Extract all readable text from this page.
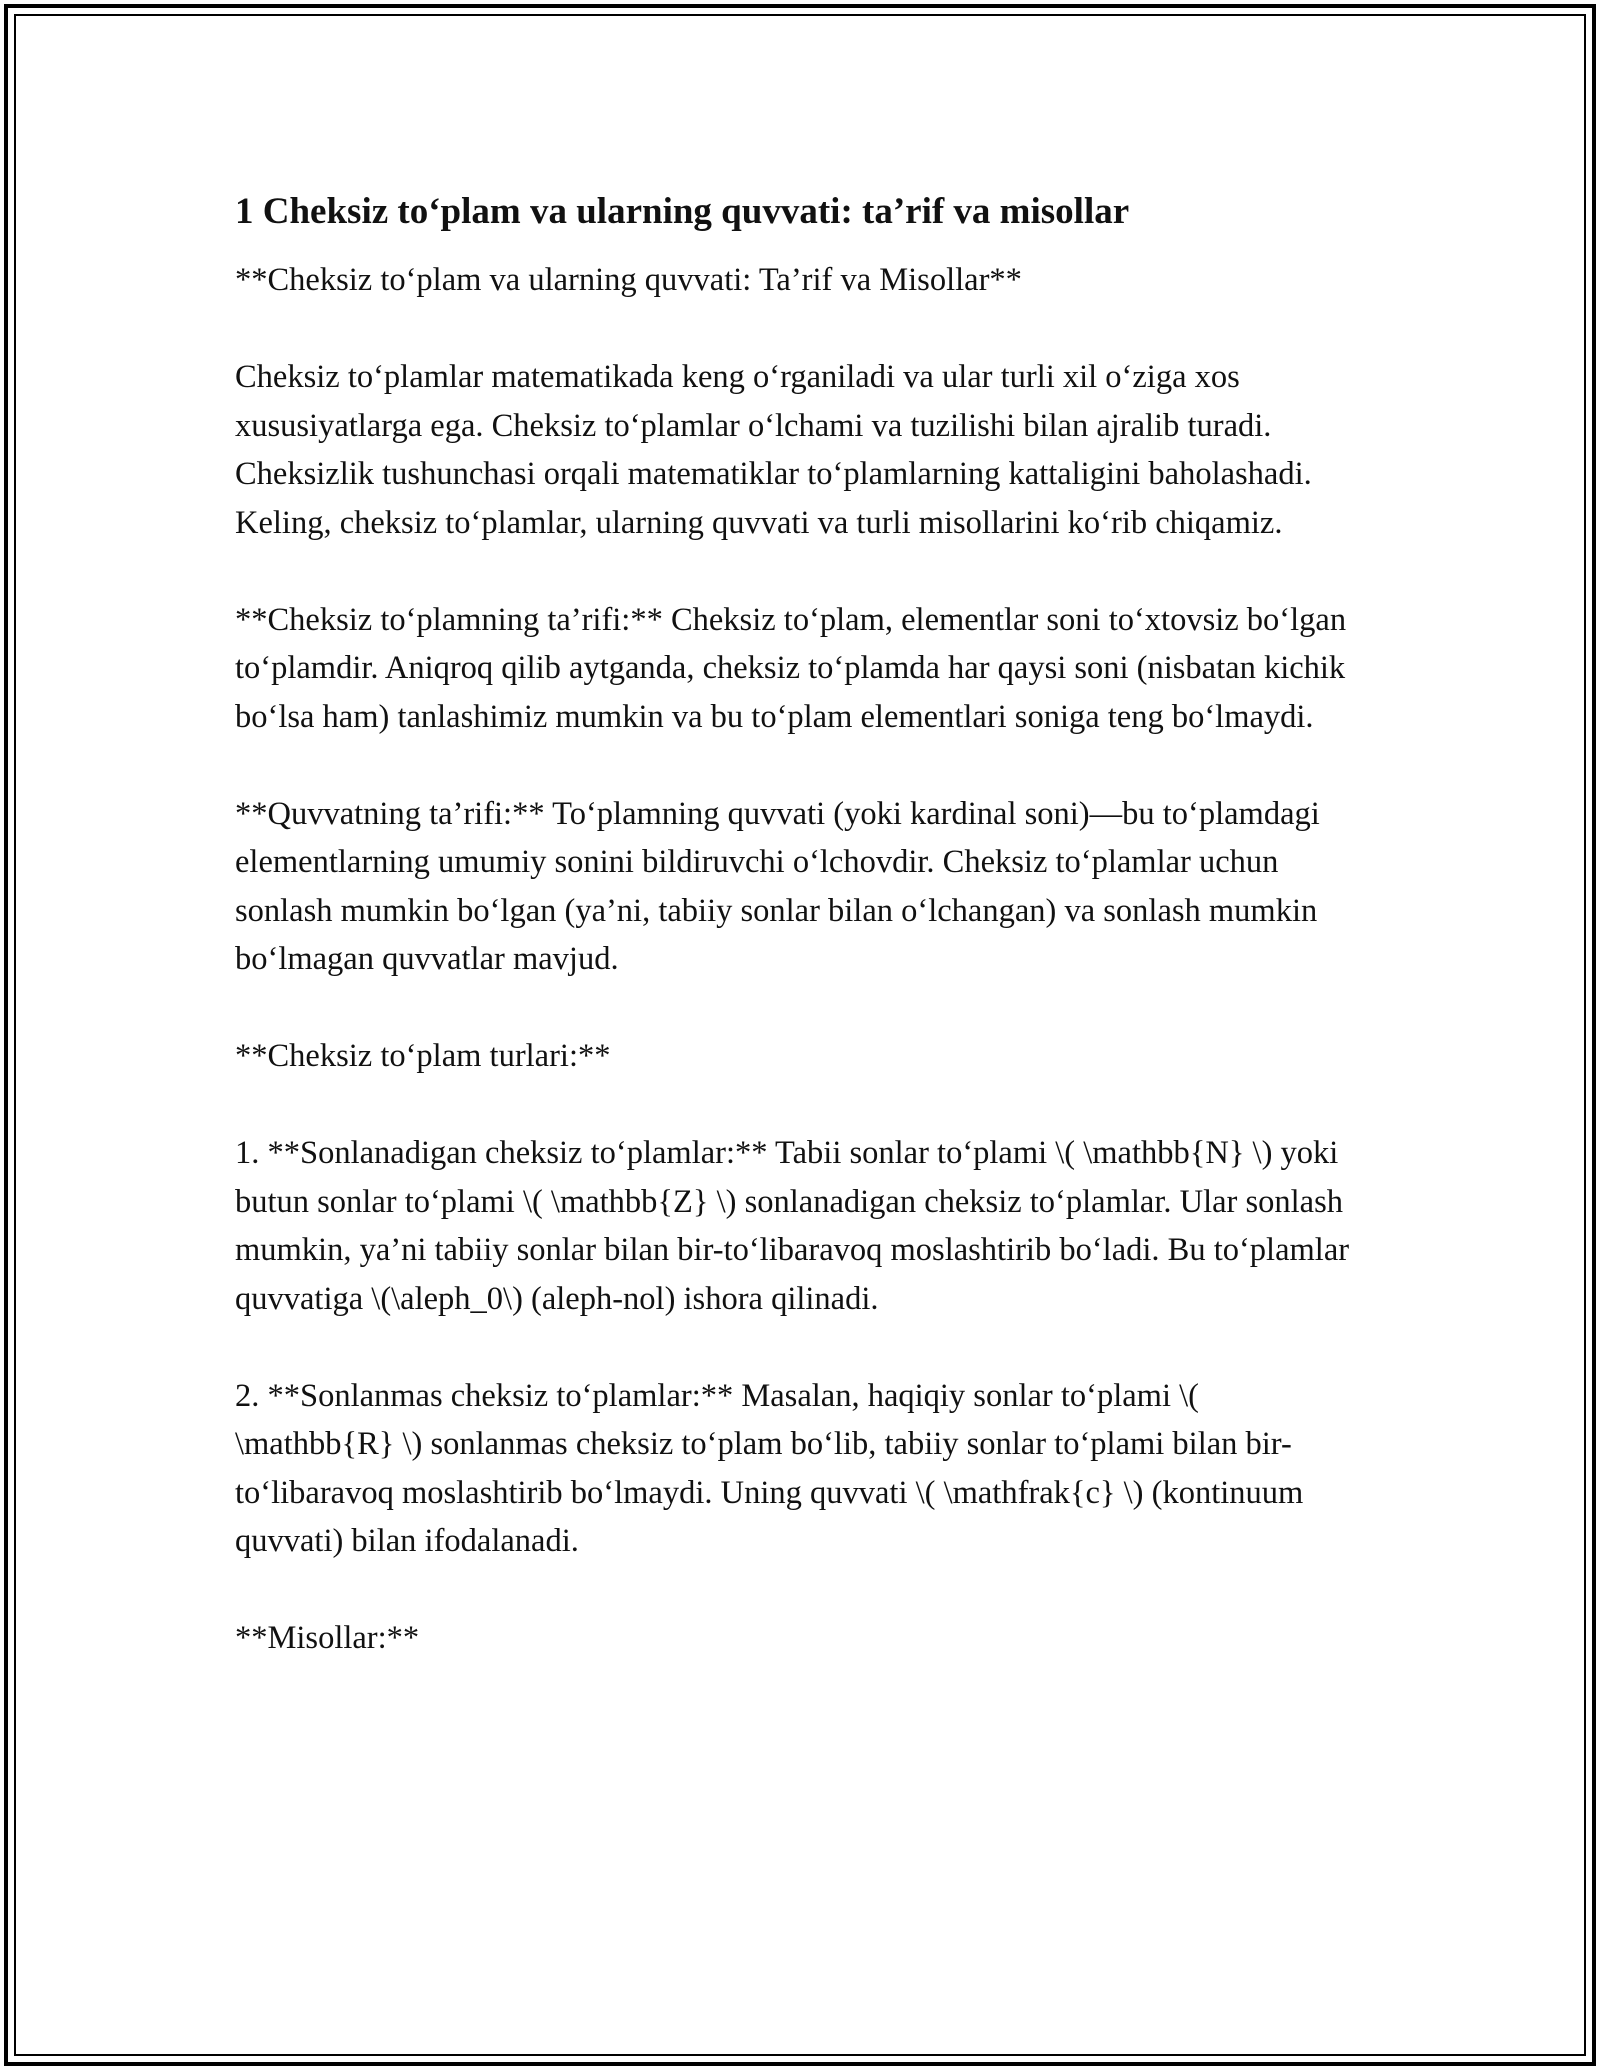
1 Cheksiz to‘plam va ularning quvvati: ta’rif va misollar

**Cheksiz to‘plam va ularning quvvati: Ta’rif va Misollar**

Cheksiz to‘plamlar matematikada keng o‘rganiladi va ular turli xil o‘ziga xos xususiyatlarga ega. Cheksiz to‘plamlar o‘lchami va tuzilishi bilan ajralib turadi. Cheksizlik tushunchasi orqali matematiklar to‘plamlarning kattaligini baholashadi. Keling, cheksiz to‘plamlar, ularning quvvati va turli misollarini ko‘rib chiqamiz.

**Cheksiz to‘plamning ta’rifi:** Cheksiz to‘plam, elementlar soni to‘xtovsiz bo‘lgan to‘plamdir. Aniqroq qilib aytganda, cheksiz to‘plamda har qaysi soni (nisbatan kichik bo‘lsa ham) tanlashimiz mumkin va bu to‘plam elementlari soniga teng bo‘lmaydi.

**Quvvatning ta’rifi:** To‘plamning quvvati (yoki kardinal soni)—bu to‘plamdagi elementlarning umumiy sonini bildiruvchi o‘lchovdir. Cheksiz to‘plamlar uchun sonlash mumkin bo‘lgan (ya’ni, tabiiy sonlar bilan o‘lchangan) va sonlash mumkin bo‘lmagan quvvatlar mavjud.

**Cheksiz to‘plam turlari:**

1. **Sonlanadigan cheksiz to‘plamlar:** Tabii sonlar to‘plami \( \mathbb{N} \) yoki butun sonlar to‘plami \( \mathbb{Z} \) sonlanadigan cheksiz to‘plamlar. Ular sonlash mumkin, ya’ni tabiiy sonlar bilan bir-to‘libaravoq moslashtirib bo‘ladi. Bu to‘plamlar quvvatiga \(\aleph_0\) (aleph-nol) ishora qilinadi.

2. **Sonlanmas cheksiz to‘plamlar:** Masalan, haqiqiy sonlar to‘plami \( \mathbb{R} \) sonlanmas cheksiz to‘plam bo‘lib, tabiiy sonlar to‘plami bilan bir-to‘libaravoq moslashtirib bo‘lmaydi. Uning quvvati \( \mathfrak{c} \) (kontinuum quvvati) bilan ifodalanadi.

**Misollar:**
